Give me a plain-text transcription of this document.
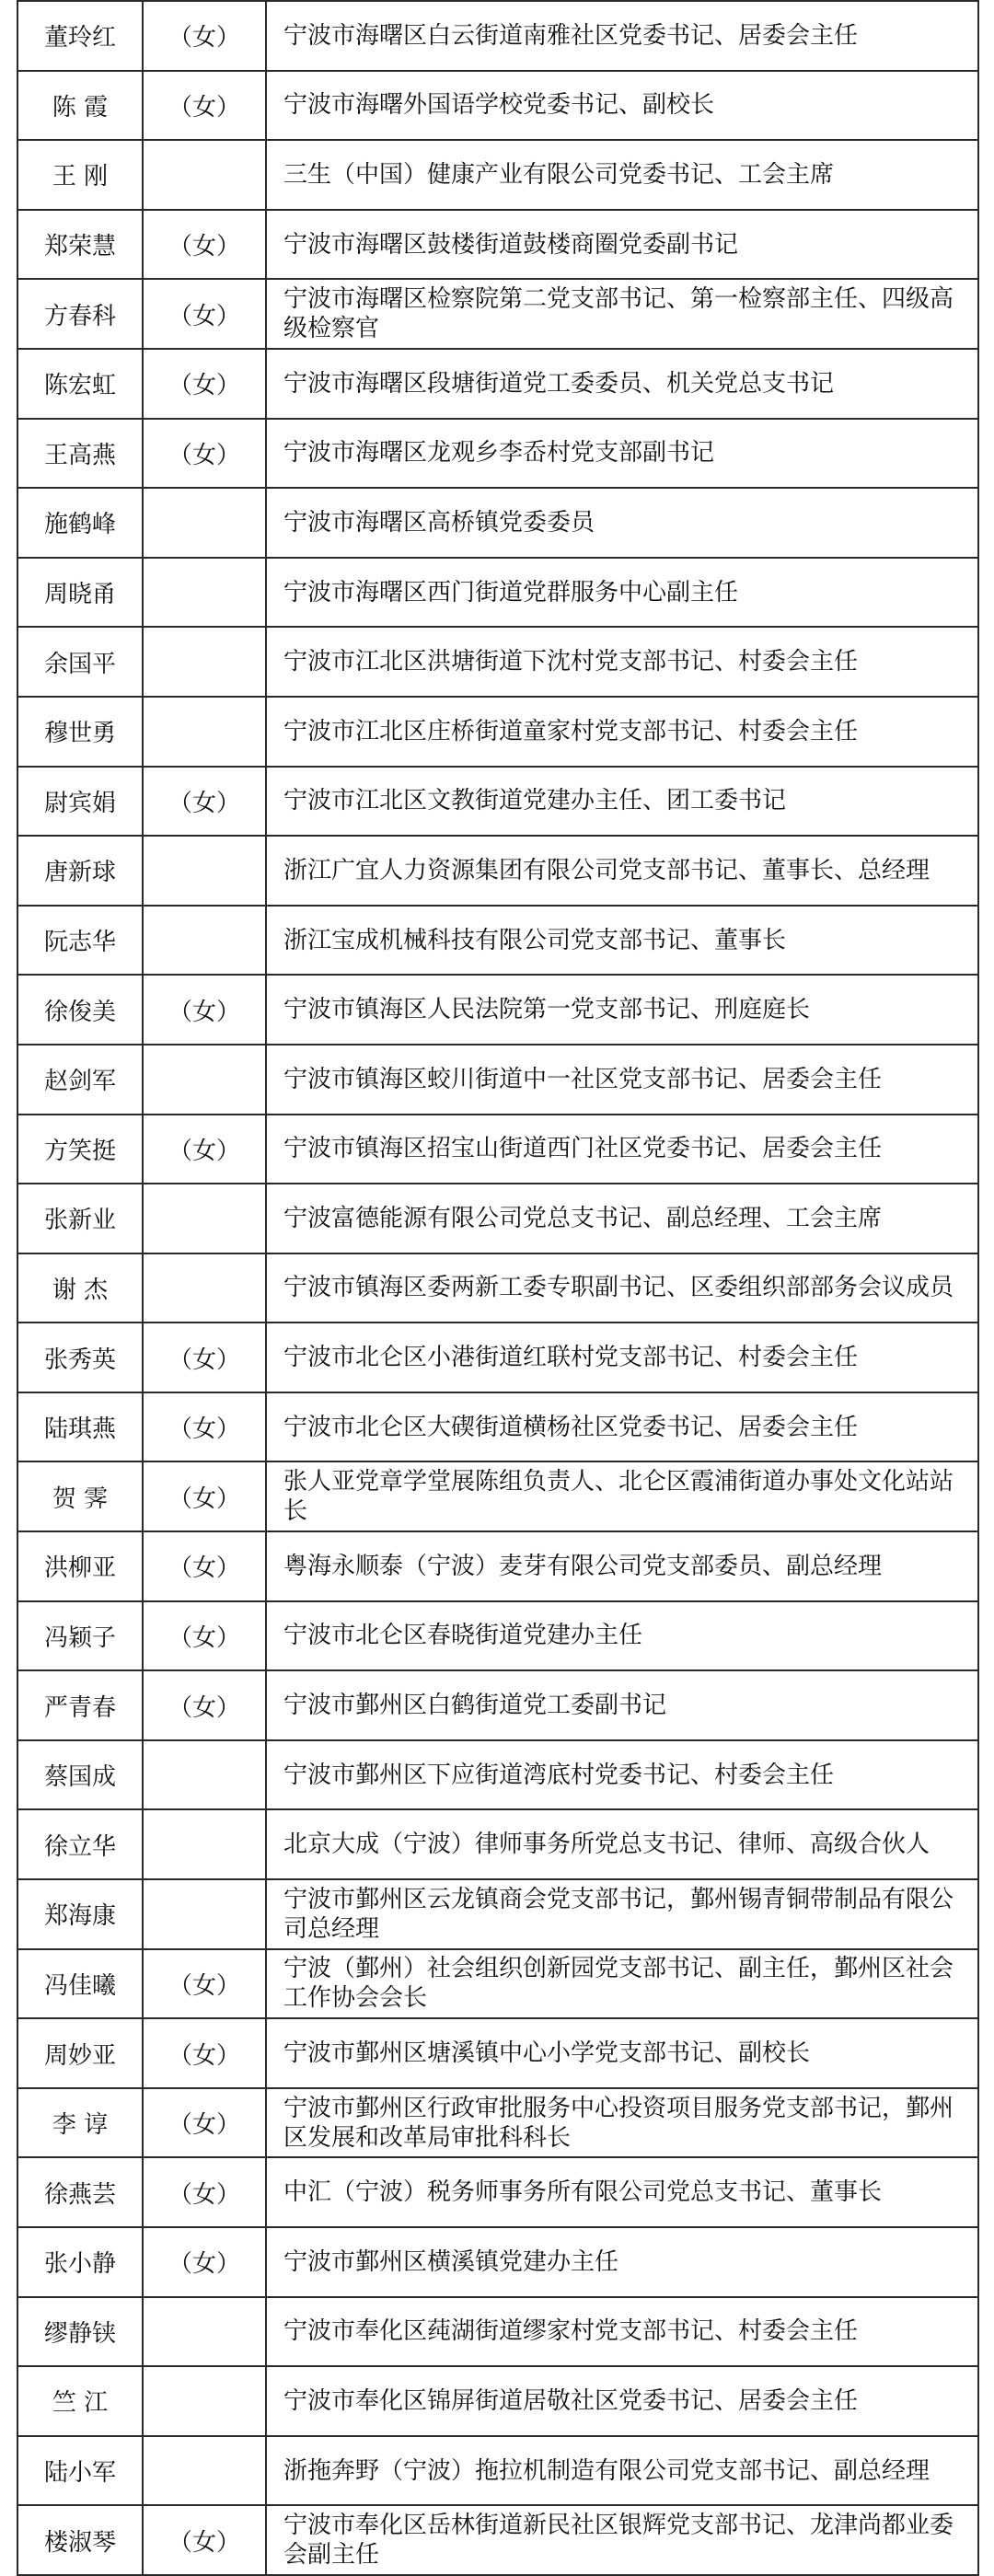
董玲红	（女）	宁波市海曙区白云街道南雅社区党委书记、居委会主任
陈 霞	（女）	宁波市海曙外国语学校党委书记、副校长
王 刚		三生（中国）健康产业有限公司党委书记、工会主席
郑荣慧	（女）	宁波市海曙区鼓楼街道鼓楼商圈党委副书记
方春科	（女）	宁波市海曙区检察院第二党支部书记、第一检察部主任、四级高级检察官
陈宏虹	（女）	宁波市海曙区段塘街道党工委委员、机关党总支书记
王高燕	（女）	宁波市海曙区龙观乡李岙村党支部副书记
施鹤峰		宁波市海曙区高桥镇党委委员
周晓甬		宁波市海曙区西门街道党群服务中心副主任
余国平		宁波市江北区洪塘街道下沈村党支部书记、村委会主任
穆世勇		宁波市江北区庄桥街道童家村党支部书记、村委会主任
尉宾娟	（女）	宁波市江北区文教街道党建办主任、团工委书记
唐新球		浙江广宜人力资源集团有限公司党支部书记、董事长、总经理
阮志华		浙江宝成机械科技有限公司党支部书记、董事长
徐俊美	（女）	宁波市镇海区人民法院第一党支部书记、刑庭庭长
赵剑军		宁波市镇海区蛟川街道中一社区党支部书记、居委会主任
方笑挺	（女）	宁波市镇海区招宝山街道西门社区党委书记、居委会主任
张新业		宁波富德能源有限公司党总支书记、副总经理、工会主席
谢 杰		宁波市镇海区委两新工委专职副书记、区委组织部部务会议成员
张秀英	（女）	宁波市北仑区小港街道红联村党支部书记、村委会主任
陆琪燕	（女）	宁波市北仑区大碶街道横杨社区党委书记、居委会主任
贺 霁	（女）	张人亚党章学堂展陈组负责人、北仑区霞浦街道办事处文化站站长
洪柳亚	（女）	粤海永顺泰（宁波）麦芽有限公司党支部委员、副总经理
冯颖子	（女）	宁波市北仑区春晓街道党建办主任
严青春	（女）	宁波市鄞州区白鹤街道党工委副书记
蔡国成		宁波市鄞州区下应街道湾底村党委书记、村委会主任
徐立华		北京大成（宁波）律师事务所党总支书记、律师、高级合伙人
郑海康		宁波市鄞州区云龙镇商会党支部书记，鄞州锡青铜带制品有限公司总经理
冯佳曦	（女）	宁波（鄞州）社会组织创新园党支部书记、副主任，鄞州区社会工作协会会长
周妙亚	（女）	宁波市鄞州区塘溪镇中心小学党支部书记、副校长
李 谆	（女）	宁波市鄞州区行政审批服务中心投资项目服务党支部书记，鄞州区发展和改革局审批科科长
徐燕芸	（女）	中汇（宁波）税务师事务所有限公司党总支书记、董事长
张小静	（女）	宁波市鄞州区横溪镇党建办主任
缪静铗		宁波市奉化区莼湖街道缪家村党支部书记、村委会主任
竺 江		宁波市奉化区锦屏街道居敬社区党委书记、居委会主任
陆小军		浙拖奔野（宁波）拖拉机制造有限公司党支部书记、副总经理
楼淑琴	（女）	宁波市奉化区岳林街道新民社区银辉党支部书记、龙津尚都业委会副主任
